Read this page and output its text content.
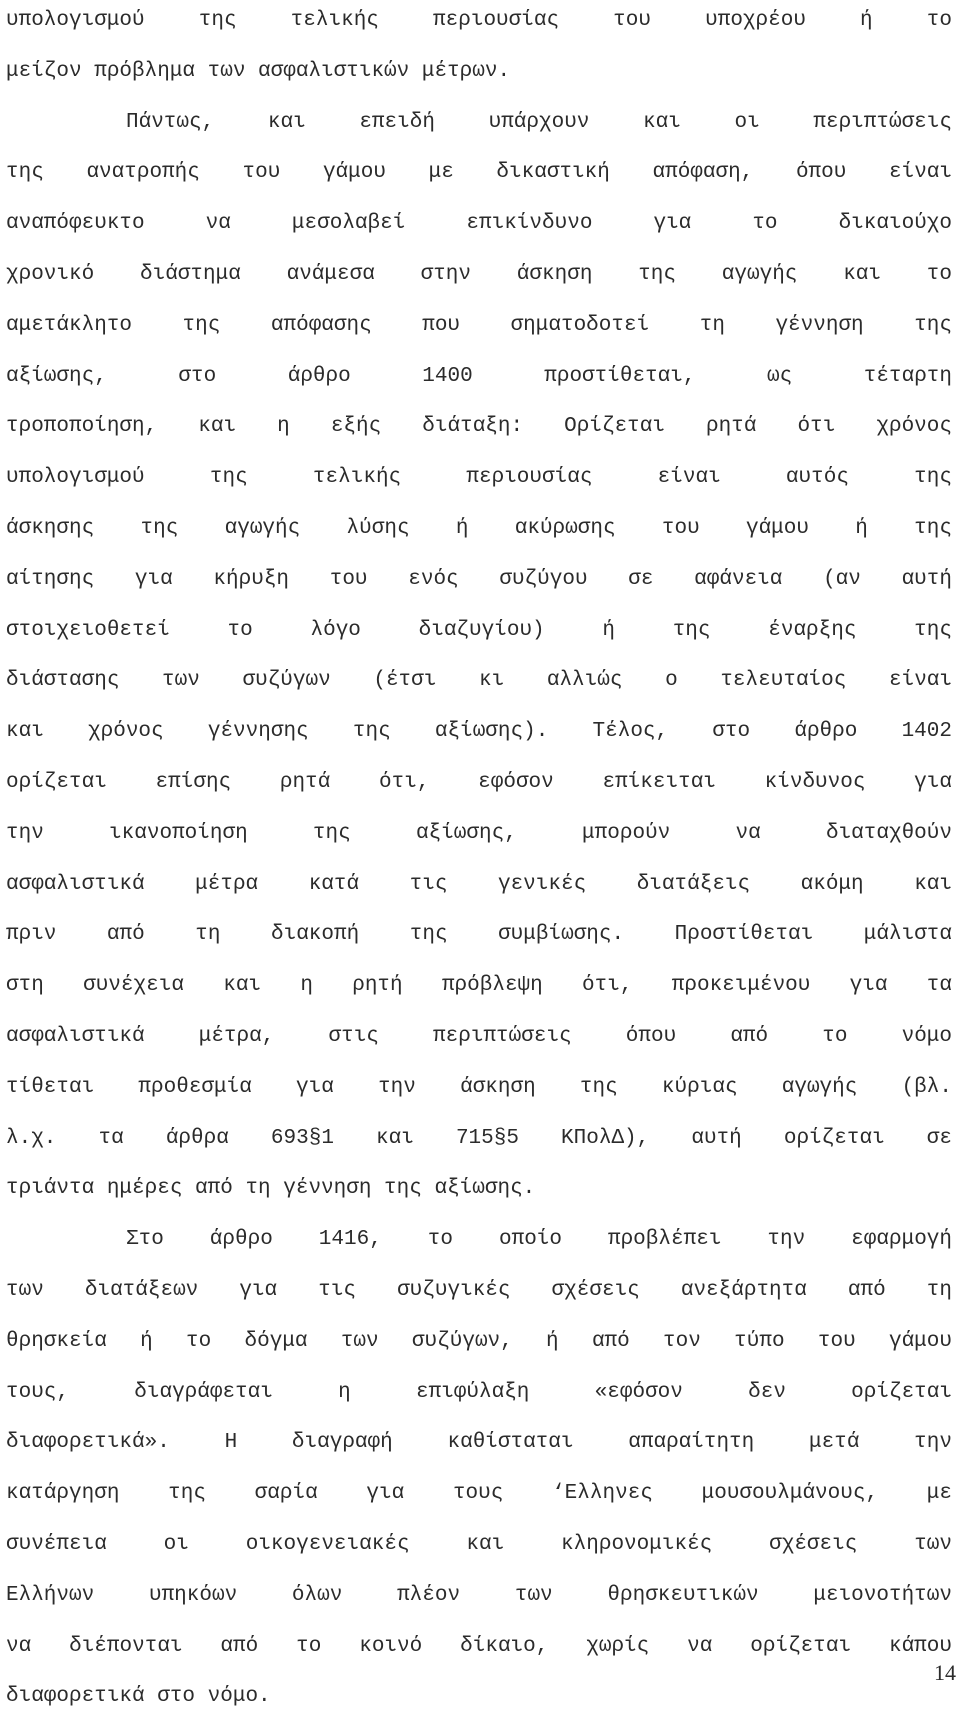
υπολογισμού της τελικής περιουσίας του υποχρέου ή το
μείζον πρόβλημα των ασφαλιστικών μέτρων.
Πάντως, και επειδή υπάρχουν και οι περιπτώσεις
της ανατροπής του γάμου με δικαστική απόφαση, όπου είναι
αναπόφευκτο να μεσολαβεί επικίνδυνο για το δικαιούχο
χρονικό διάστημα ανάμεσα στην άσκηση της αγωγής και το
αμετάκλητο της απόφασης που σηματοδοτεί τη γέννηση της
αξίωσης, στο άρθρο 1400 προστίθεται, ως τέταρτη
τροποποίηση, και η εξής διάταξη: Ορίζεται ρητά ότι χρόνος
υπολογισμού της τελικής περιουσίας είναι αυτός της
άσκησης της αγωγής λύσης ή ακύρωσης του γάμου ή της
αίτησης για κήρυξη του ενός συζύγου σε αφάνεια (αν αυτή
στοιχειοθετεί το λόγο διαζυγίου) ή της έναρξης της
διάστασης των συζύγων (έτσι κι αλλιώς ο τελευταίος είναι
και χρόνος γέννησης της αξίωσης). Τέλος, στο άρθρο 1402
ορίζεται επίσης ρητά ότι, εφόσον επίκειται κίνδυνος για
την ικανοποίηση της αξίωσης, μπορούν να διαταχθούν
ασφαλιστικά μέτρα κατά τις γενικές διατάξεις ακόμη και
πριν από τη διακοπή της συμβίωσης. Προστίθεται μάλιστα
στη συνέχεια και η ρητή πρόβλεψη ότι, προκειμένου για τα
ασφαλιστικά μέτρα, στις περιπτώσεις όπου από το νόμο
τίθεται προθεσμία για την άσκηση της κύριας αγωγής (βλ.
λ.χ. τα άρθρα 693§1 και 715§5 ΚΠολΔ), αυτή ορίζεται σε
τριάντα ημέρες από τη γέννηση της αξίωσης.
Στο άρθρο 1416, το οποίο προβλέπει την εφαρμογή
των διατάξεων για τις συζυγικές σχέσεις ανεξάρτητα από τη
θρησκεία ή το δόγμα των συζύγων, ή από τον τύπο του γάμου
τους, διαγράφεται η επιφύλαξη «εφόσον δεν ορίζεται
διαφορετικά». Η διαγραφή καθίσταται απαραίτητη μετά την
κατάργηση της σαρία για τους ‘Ελληνες μουσουλμάνους, με
συνέπεια οι οικογενειακές και κληρονομικές σχέσεις των
Ελλήνων υπηκόων όλων πλέον των θρησκευτικών μειονοτήτων
να διέπονται από το κοινό δίκαιο, χωρίς να ορίζεται κάπου
διαφορετικά στο νόμο.
14
